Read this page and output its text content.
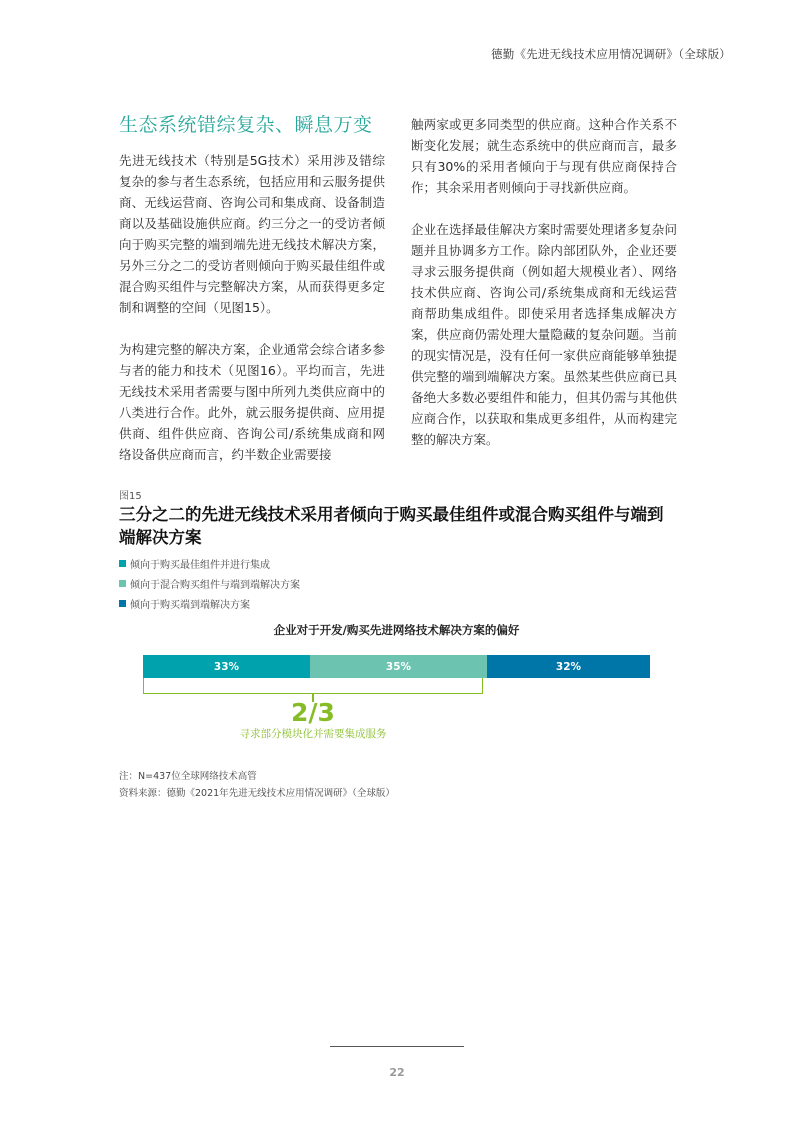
德勤《先进无线技术应用情况调研》（全球版）
生态系统错综复杂、瞬息万变

先进无线技术（特别是5G技术）采用涉及错综复杂的参与者生态系统，包括应用和云服务提供商、无线运营商、咨询公司和集成商、设备制造商以及基础设施供应商。约三分之一的受访者倾向于购买完整的端到端先进无线技术解决方案，另外三分之二的受访者则倾向于购买最佳组件或混合购买组件与完整解决方案，从而获得更多定制和调整的空间（见图15）。

为构建完整的解决方案，企业通常会综合诸多参与者的能力和技术（见图16）。平均而言，先进无线技术采用者需要与图中所列九类供应商中的八类进行合作。此外，就云服务提供商、应用提供商、组件供应商、咨询公司/系统集成商和网络设备供应商而言，约半数企业需要接

触两家或更多同类型的供应商。这种合作关系不断变化发展；就生态系统中的供应商而言，最多只有30%的采用者倾向于与现有供应商保持合作；其余采用者则倾向于寻找新供应商。

企业在选择最佳解决方案时需要处理诸多复杂问题并且协调多方工作。除内部团队外，企业还要寻求云服务提供商（例如超大规模业者）、网络技术供应商、咨询公司/系统集成商和无线运营商帮助集成组件。即使采用者选择集成解决方案，供应商仍需处理大量隐藏的复杂问题。当前的现实情况是，没有任何一家供应商能够单独提供完整的端到端解决方案。虽然某些供应商已具备绝大多数必要组件和能力，但其仍需与其他供应商合作，以获取和集成更多组件，从而构建完整的解决方案。

图15
三分之二的先进无线技术采用者倾向于购买最佳组件或混合购买组件与端到端解决方案
倾向于购买最佳组件并进行集成
倾向于混合购买组件与端到端解决方案
倾向于购买端到端解决方案
企业对于开发/购买先进网络技术解决方案的偏好
33%	35%	32%
2/3
寻求部分模块化并需要集成服务
注：N=437位全球网络技术高管
资料来源：德勤《2021年先进无线技术应用情况调研》（全球版）
22
